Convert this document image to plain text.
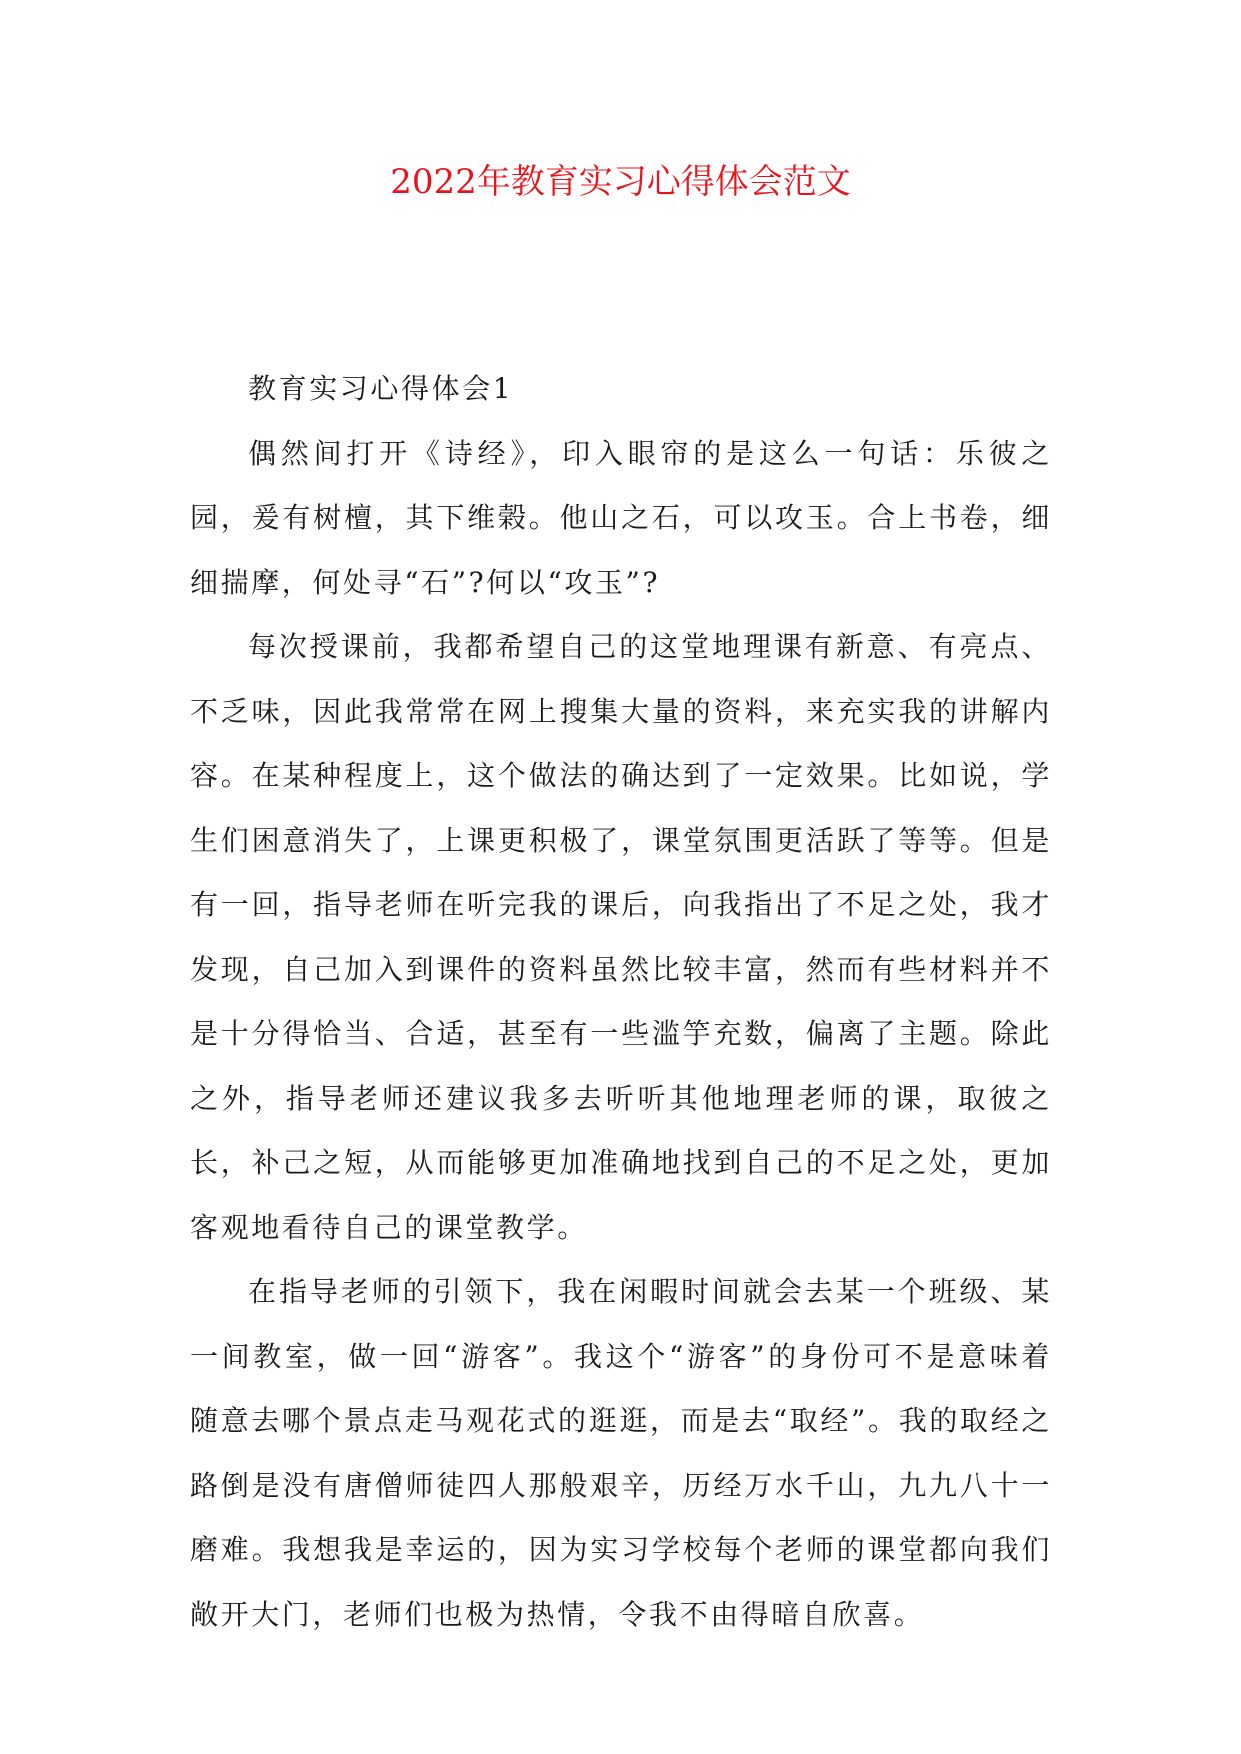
2022年教育实习心得体会范文

教育实习心得体会1

偶然间打开《诗经》，印入眼帘的是这么一句话：乐彼之园，爰有树檀，其下维榖。他山之石，可以攻玉。合上书卷，细细揣摩，何处寻“石”?何以“攻玉”?

每次授课前，我都希望自己的这堂地理课有新意、有亮点、不乏味，因此我常常在网上搜集大量的资料，来充实我的讲解内容。在某种程度上，这个做法的确达到了一定效果。比如说，学生们困意消失了，上课更积极了，课堂氛围更活跃了等等。但是有一回，指导老师在听完我的课后，向我指出了不足之处，我才发现，自己加入到课件的资料虽然比较丰富，然而有些材料并不是十分得恰当、合适，甚至有一些滥竽充数，偏离了主题。除此之外，指导老师还建议我多去听听其他地理老师的课，取彼之长，补己之短，从而能够更加准确地找到自己的不足之处，更加客观地看待自己的课堂教学。

在指导老师的引领下，我在闲暇时间就会去某一个班级、某一间教室，做一回“游客”。我这个“游客”的身份可不是意味着随意去哪个景点走马观花式的逛逛，而是去“取经”。我的取经之路倒是没有唐僧师徒四人那般艰辛，历经万水千山，九九八十一磨难。我想我是幸运的，因为实习学校每个老师的课堂都向我们敞开大门，老师们也极为热情，令我不由得暗自欣喜。
